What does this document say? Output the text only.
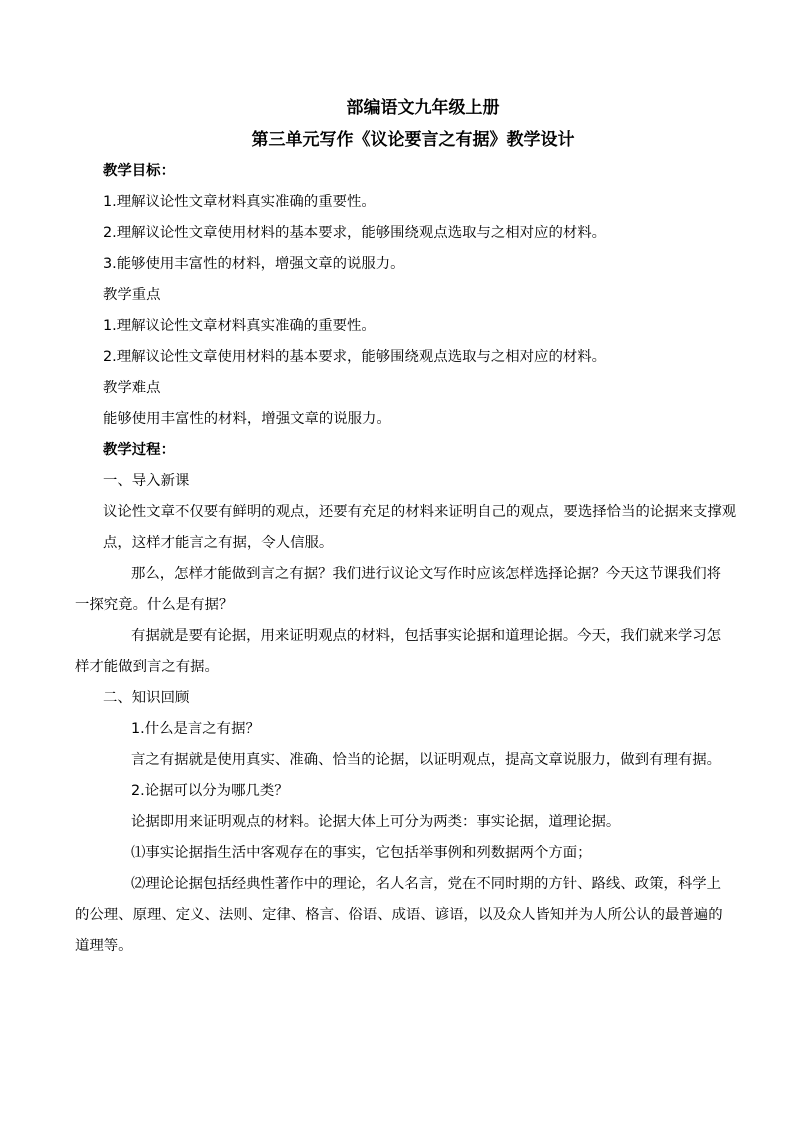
部编语文九年级上册

第三单元写作《议论要言之有据》教学设计

教学目标：

1.理解议论性文章材料真实准确的重要性。

2.理解议论性文章使用材料的基本要求，能够围绕观点选取与之相对应的材料。

3.能够使用丰富性的材料，增强文章的说服力。

教学重点

1.理解议论性文章材料真实准确的重要性。

2.理解议论性文章使用材料的基本要求，能够围绕观点选取与之相对应的材料。

教学难点

能够使用丰富性的材料，增强文章的说服力。

教学过程：

一、导入新课

议论性文章不仅要有鲜明的观点，还要有充足的材料来证明自己的观点，要选择恰当的论据来支撑观点，这样才能言之有据，令人信服。

那么，怎样才能做到言之有据？我们进行议论文写作时应该怎样选择论据？今天这节课我们将一探究竟。什么是有据？

有据就是要有论据，用来证明观点的材料，包括事实论据和道理论据。今天，我们就来学习怎样才能做到言之有据。

二、知识回顾

1.什么是言之有据？

言之有据就是使用真实、准确、恰当的论据，以证明观点，提高文章说服力，做到有理有据。

2.论据可以分为哪几类？

论据即用来证明观点的材料。论据大体上可分为两类：事实论据，道理论据。

⑴事实论据指生活中客观存在的事实，它包括举事例和列数据两个方面；

⑵理论论据包括经典性著作中的理论，名人名言，党在不同时期的方针、路线、政策，科学上的公理、原理、定义、法则、定律、格言、俗语、成语、谚语，以及众人皆知并为人所公认的最普遍的道理等。
